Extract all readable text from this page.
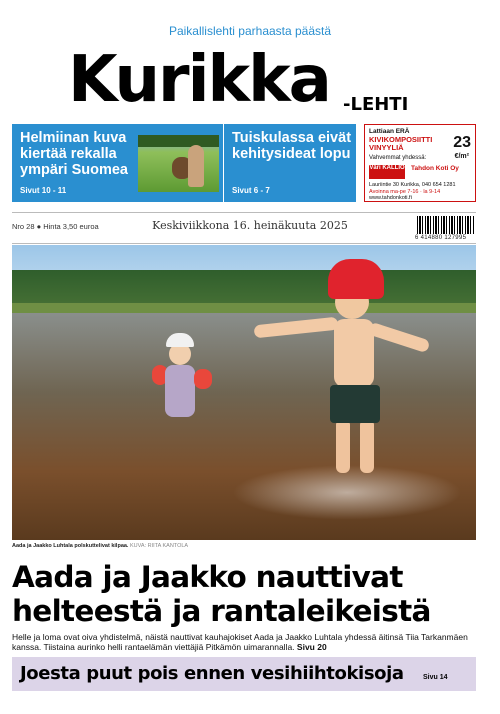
Paikallislehti parhaasta päästä
Kurikka -LEHTI
Helmiinan kuva kiertää rekalla ympäri Suomea
Sivut 10 - 11
Tuiskulassa eivät kehitysideat lopu
Sivut 6 - 7
Lattiaan ERÄ
KIVIKOMPOSIITTI VINYYLIÄ	23
€/m²
Vahvemmat yhdessä:
Väri KALLIO Tahdon Koti Oy
Lauriintie 30 Kurikka, 040 654 1281
Avoinna ma-pe 7-16 · la 9-14
www.tahdonkoti.fi
Nro 28 ● Hinta 3,50 euroa	Keskiviikkona 16. heinäkuuta 2025
6 414880 127995
Aada ja Jaakko Luhtala polskuttelivat kilpaa. KUVA: RIITA KANTOLA
Aada ja Jaakko nauttivat helteestä ja rantaleikeistä
Helle ja loma ovat oiva yhdistelmä, näistä nauttivat kauhajokiset Aada ja Jaakko Luhtala yhdessä äitinsä Tiia Tarkanmäen kanssa. Tiistaina aurinko helli rantaelämän viettäjiä Pitkämön uimarannalla. Sivu 20
Joesta puut pois ennen vesihiihtokisoja	Sivu 14
